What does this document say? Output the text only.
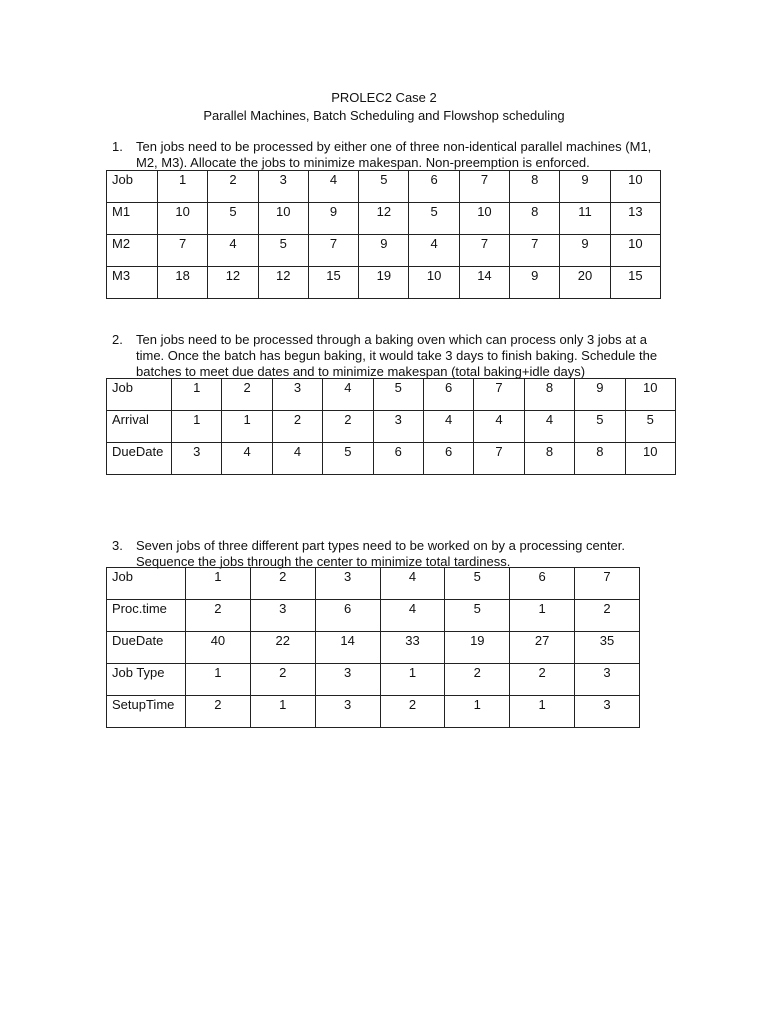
PROLEC2 Case 2
Parallel Machines, Batch Scheduling and Flowshop scheduling
1. Ten jobs need to be processed by either one of three non-identical parallel machines (M1, M2, M3). Allocate the jobs to minimize makespan. Non-preemption is enforced.
Job	1	2	3	4	5	6	7	8	9	10
M1	10	5	10	9	12	5	10	8	11	13
M2	7	4	5	7	9	4	7	7	9	10
M3	18	12	12	15	19	10	14	9	20	15
2. Ten jobs need to be processed through a baking oven which can process only 3 jobs at a time. Once the batch has begun baking, it would take 3 days to finish baking. Schedule the batches to meet due dates and to minimize makespan (total baking+idle days)
Job	1	2	3	4	5	6	7	8	9	10
Arrival	1	1	2	2	3	4	4	4	5	5
DueDate	3	4	4	5	6	6	7	8	8	10
3. Seven jobs of three different part types need to be worked on by a processing center. Sequence the jobs through the center to minimize total tardiness.
Job	1	2	3	4	5	6	7
Proc.time	2	3	6	4	5	1	2
DueDate	40	22	14	33	19	27	35
Job Type	1	2	3	1	2	2	3
SetupTime	2	1	3	2	1	1	3
